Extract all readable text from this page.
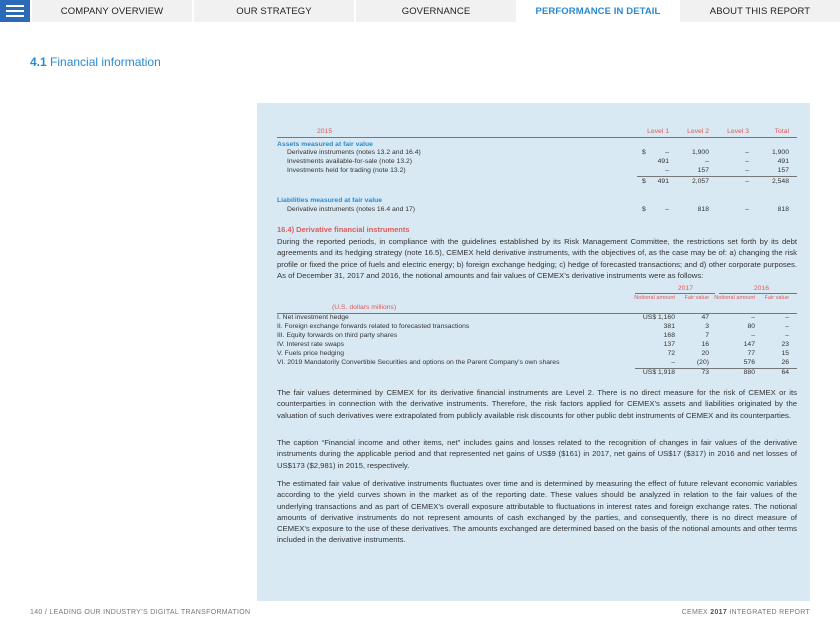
COMPANY OVERVIEW	OUR STRATEGY	GOVERNANCE	PERFORMANCE IN DETAIL	ABOUT THIS REPORT
4.1 Financial information
2015	Level 1	Level 2	Level 3	Total
Assets measured at fair value
Derivative instruments (notes 13.2 and 16.4)	$	–	1,900	–	1,900
Investments available-for-sale (note 13.2)	491	–	–	491
Investments held for trading (note 13.2)	–	157	–	157
$ 491	2,057	–	2,548
Liabilities measured at fair value
Derivative instruments (notes 16.4 and 17)	$	–	818	–	818
16.4) Derivative financial instruments
During the reported periods, in compliance with the guidelines established by its Risk Management Committee, the restrictions set forth by its debt agreements and its hedging strategy (note 16.5), CEMEX held derivative instruments, with the objectives of, as the case may be of: a) changing the risk profile or fixed the price of fuels and electric energy; b) foreign exchange hedging; c) hedge of forecasted transactions; and d) other corporate purposes. As of December 31, 2017 and 2016, the notional amounts and fair values of CEMEX’s derivative instruments were as follows:
2017	2016
Notional amount Fair value Notional amount Fair value
(U.S. dollars millions)
I. Net investment hedge	US$ 1,160	47	–	–
II. Foreign exchange forwards related to forecasted transactions	381	3	80	–
III. Equity forwards on third party shares	168	7	–	–
IV. Interest rate swaps	137	16	147	23
V. Fuels price hedging	72	20	77	15
VI. 2019 Mandatorily Convertible Securities and options on the Parent Company’s own shares	–	(20)	576	26
US$ 1,918	73	880	64
The fair values determined by CEMEX for its derivative financial instruments are Level 2. There is no direct measure for the risk of CEMEX or its counterparties in connection with the derivative instruments. Therefore, the risk factors applied for CEMEX’s assets and liabilities originated by the valuation of such derivatives were extrapolated from publicly available risk discounts for other public debt instruments of CEMEX and its counterparties.
The caption “Financial income and other items, net” includes gains and losses related to the recognition of changes in fair values of the derivative instruments during the applicable period and that represented net gains of US$9 ($161) in 2017, net gains of US$17 ($317) in 2016 and net losses of US$173 ($2,981) in 2015, respectively.
The estimated fair value of derivative instruments fluctuates over time and is determined by measuring the effect of future relevant economic variables according to the yield curves shown in the market as of the reporting date. These values should be analyzed in relation to the fair values of the underlying transactions and as part of CEMEX’s overall exposure attributable to fluctuations in interest rates and foreign exchange rates. The notional amounts of derivative instruments do not represent amounts of cash exchanged by the parties, and consequently, there is no direct measure of CEMEX’s exposure to the use of these derivatives. The amounts exchanged are determined based on the basis of the notional amounts and other terms included in the derivative instruments.
140 / LEADING OUR INDUSTRY’S DIGITAL TRANSFORMATION	CEMEX 2017 INTEGRATED REPORT
